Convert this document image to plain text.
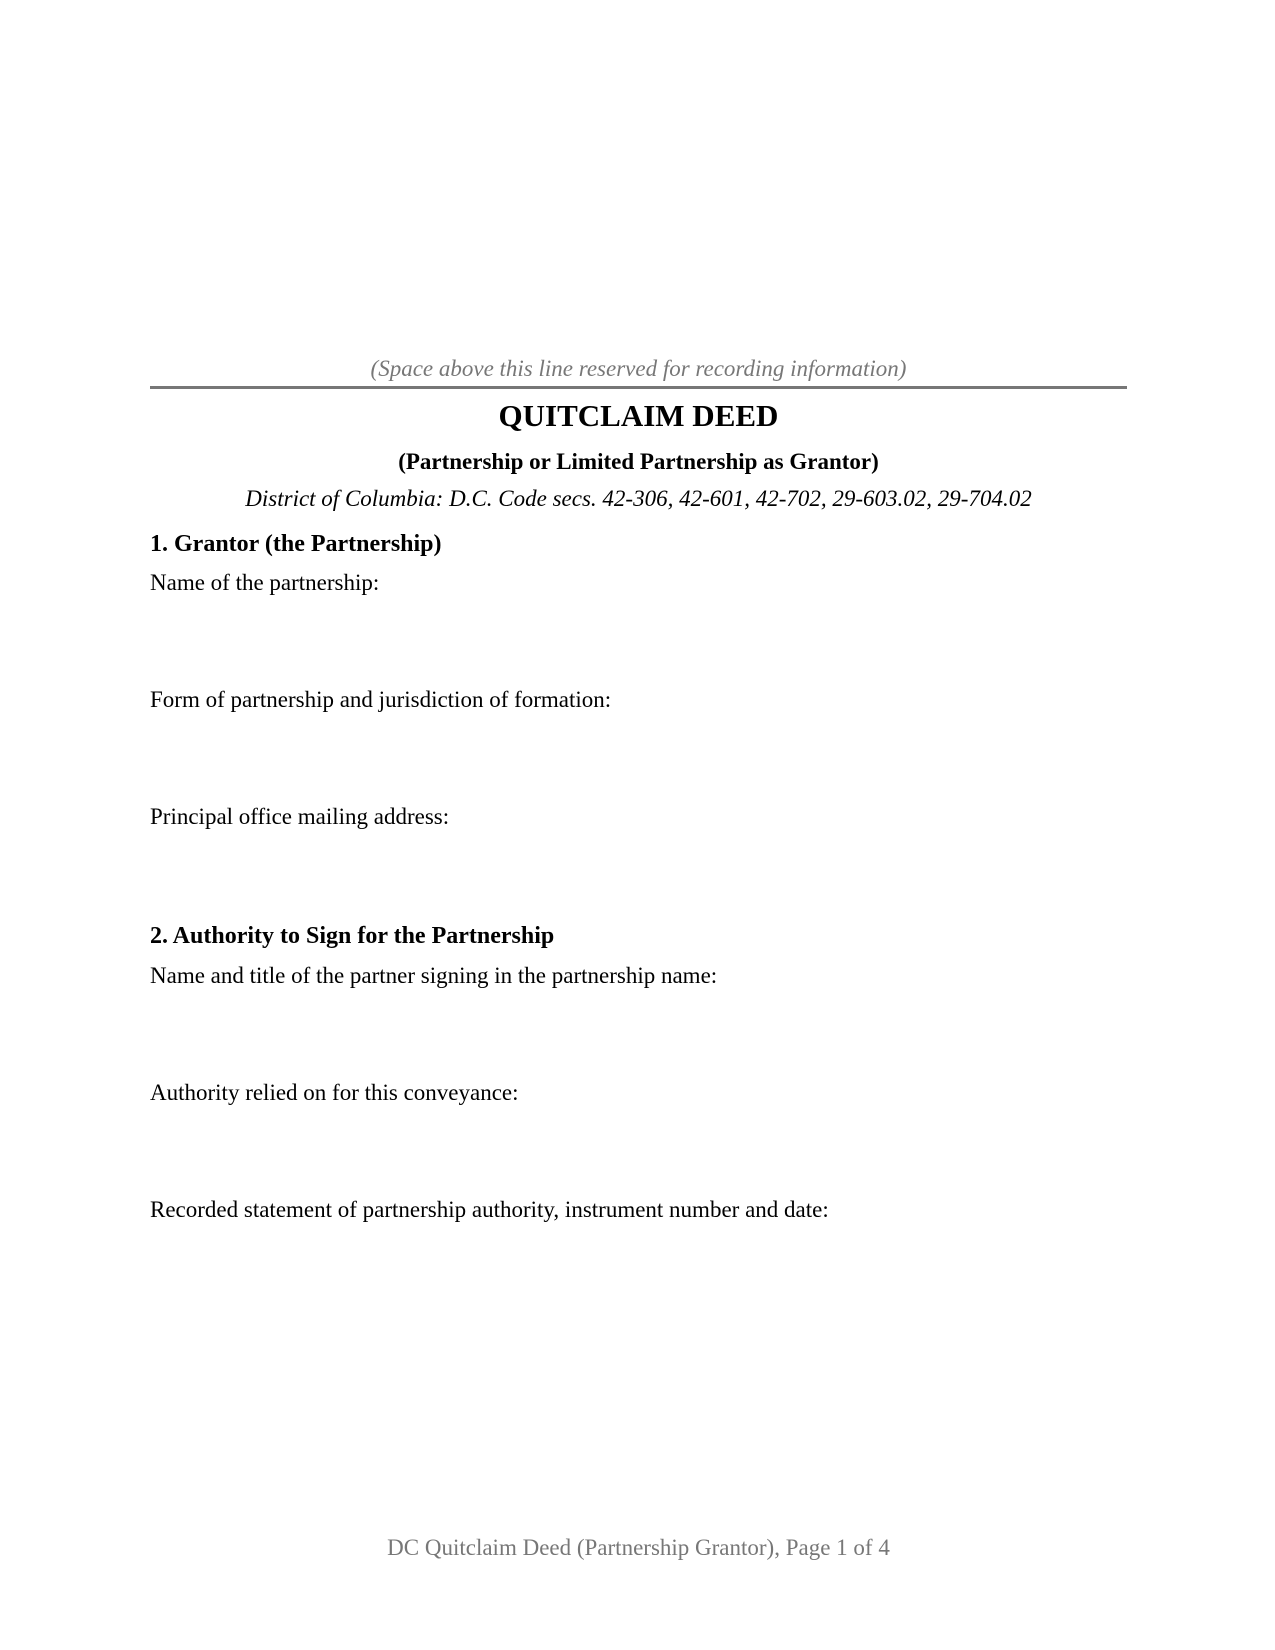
(Space above this line reserved for recording information)
QUITCLAIM DEED
(Partnership or Limited Partnership as Grantor)
District of Columbia: D.C. Code secs. 42-306, 42-601, 42-702, 29-603.02, 29-704.02
1. Grantor (the Partnership)
Name of the partnership:
Form of partnership and jurisdiction of formation:
Principal office mailing address:
2. Authority to Sign for the Partnership
Name and title of the partner signing in the partnership name:
Authority relied on for this conveyance:
Recorded statement of partnership authority, instrument number and date:
DC Quitclaim Deed (Partnership Grantor), Page 1 of 4
